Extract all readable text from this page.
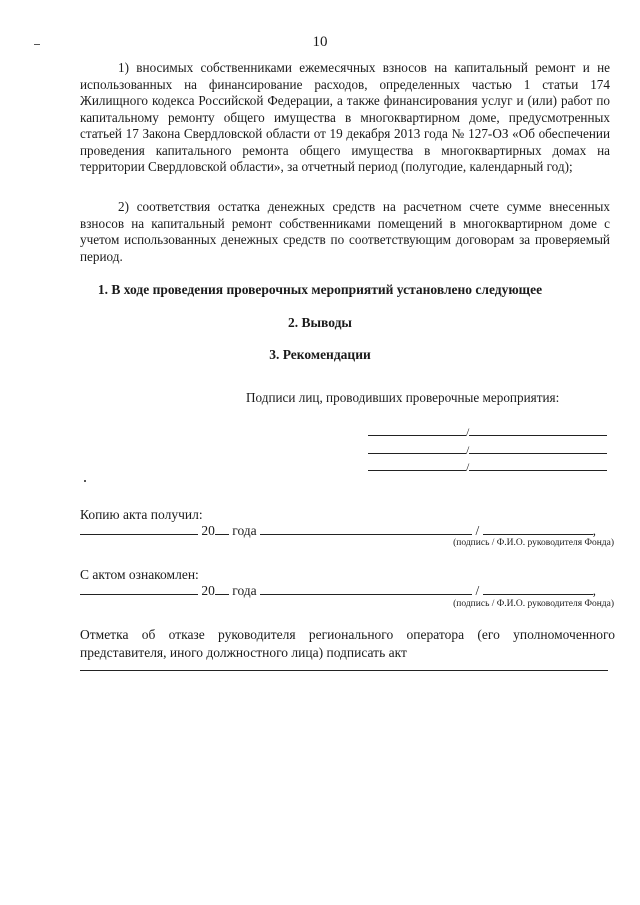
10
1) вносимых собственниками ежемесячных взносов на капитальный ремонт и не использованных на финансирование расходов, определенных частью 1 статьи 174 Жилищного кодекса Российской Федерации, а также финансирования услуг и (или) работ по капитальному ремонту общего имущества в многоквартирном доме, предусмотренных статьей 17 Закона Свердловской области от 19 декабря 2013 года № 127-ОЗ «Об обеспечении проведения капитального ремонта общего имущества в многоквартирных домах на территории Свердловской области», за отчетный период (полугодие, календарный год);
2) соответствия остатка денежных средств на расчетном счете сумме внесенных взносов на капитальный ремонт собственниками помещений в многоквартирном доме с учетом использованных денежных средств по соответствующим договорам за проверяемый период.
1. В ходе проведения проверочных мероприятий установлено следующее
2. Выводы
3. Рекомендации
Подписи лиц, проводивших проверочные мероприятия:
/
/
/
Копию акта получил:
20 года	/	,
(подпись / Ф.И.О. руководителя Фонда)
С актом ознакомлен:
20 года	/	,
(подпись / Ф.И.О. руководителя Фонда)
Отметка об отказе руководителя регионального оператора (его уполномоченного представителя, иного должностного лица) подписать акт
